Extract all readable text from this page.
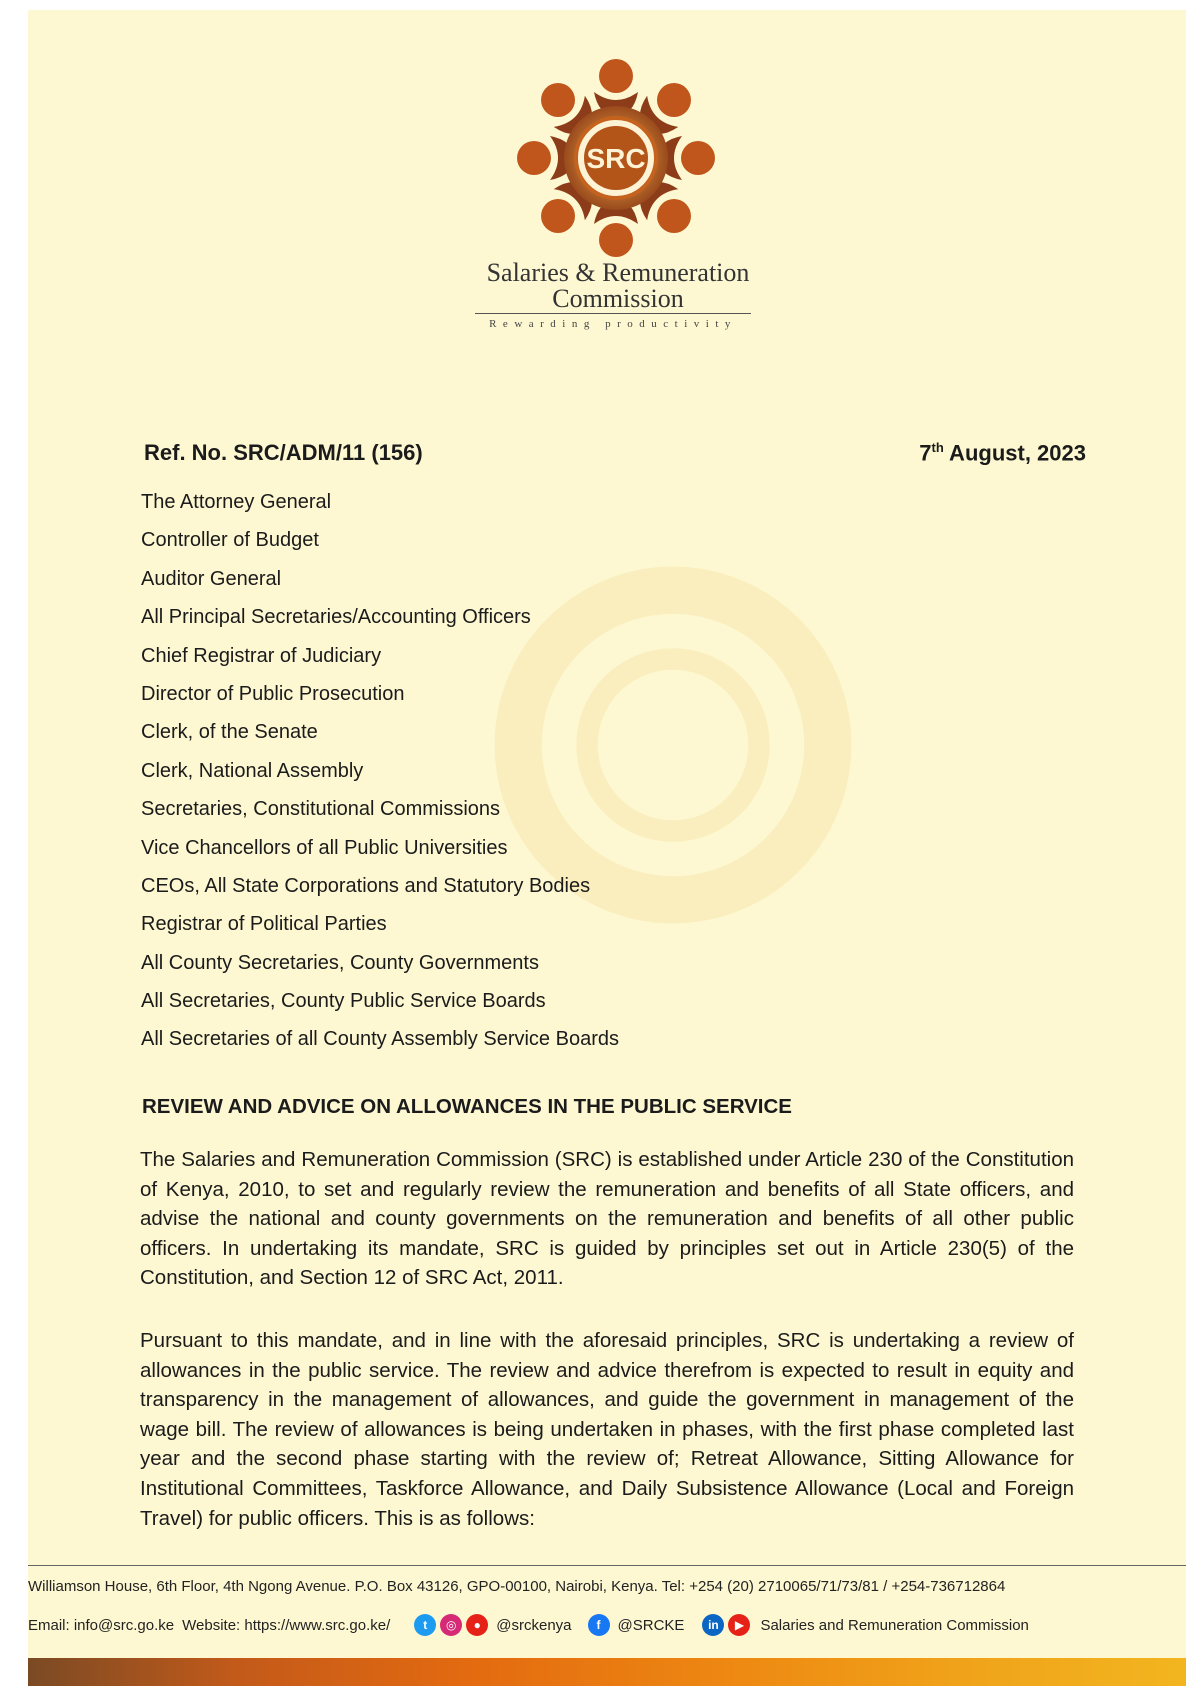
SRC
Salaries & Remuneration
Commission
Rewarding productivity
Ref. No. SRC/ADM/11 (156)	7th August, 2023
The Attorney General
Controller of Budget
Auditor General
All Principal Secretaries/Accounting Officers
Chief Registrar of Judiciary
Director of Public Prosecution
Clerk, of the Senate
Clerk, National Assembly
Secretaries, Constitutional Commissions
Vice Chancellors of all Public Universities
CEOs, All State Corporations and Statutory Bodies
Registrar of Political Parties
All County Secretaries, County Governments
All Secretaries, County Public Service Boards
All Secretaries of all County Assembly Service Boards
REVIEW AND ADVICE ON ALLOWANCES IN THE PUBLIC SERVICE

The Salaries and Remuneration Commission (SRC) is established under Article 230 of the Constitution of Kenya, 2010, to set and regularly review the remuneration and benefits of all State officers, and advise the national and county governments on the remuneration and benefits of all other public officers. In undertaking its mandate, SRC is guided by principles set out in Article 230(5) of the Constitution, and Section 12 of SRC Act, 2011.

Pursuant to this mandate, and in line with the aforesaid principles, SRC is undertaking a review of allowances in the public service. The review and advice therefrom is expected to result in equity and transparency in the management of allowances, and guide the government in management of the wage bill. The review of allowances is being undertaken in phases, with the first phase completed last year and the second phase starting with the review of; Retreat Allowance, Sitting Allowance for Institutional Committees, Taskforce Allowance, and Daily Subsistence Allowance (Local and Foreign Travel) for public officers. This is as follows:

Williamson House, 6th Floor, 4th Ngong Avenue. P.O. Box 43126, GPO-00100, Nairobi, Kenya. Tel: +254 (20) 2710065/71/73/81 / +254-736712864
Email: info@src.go.ke Website: https://www.src.go.ke/	t	◎	●	@srckenya	f	@SRCKE	in	▶	Salaries and Remuneration Commission
